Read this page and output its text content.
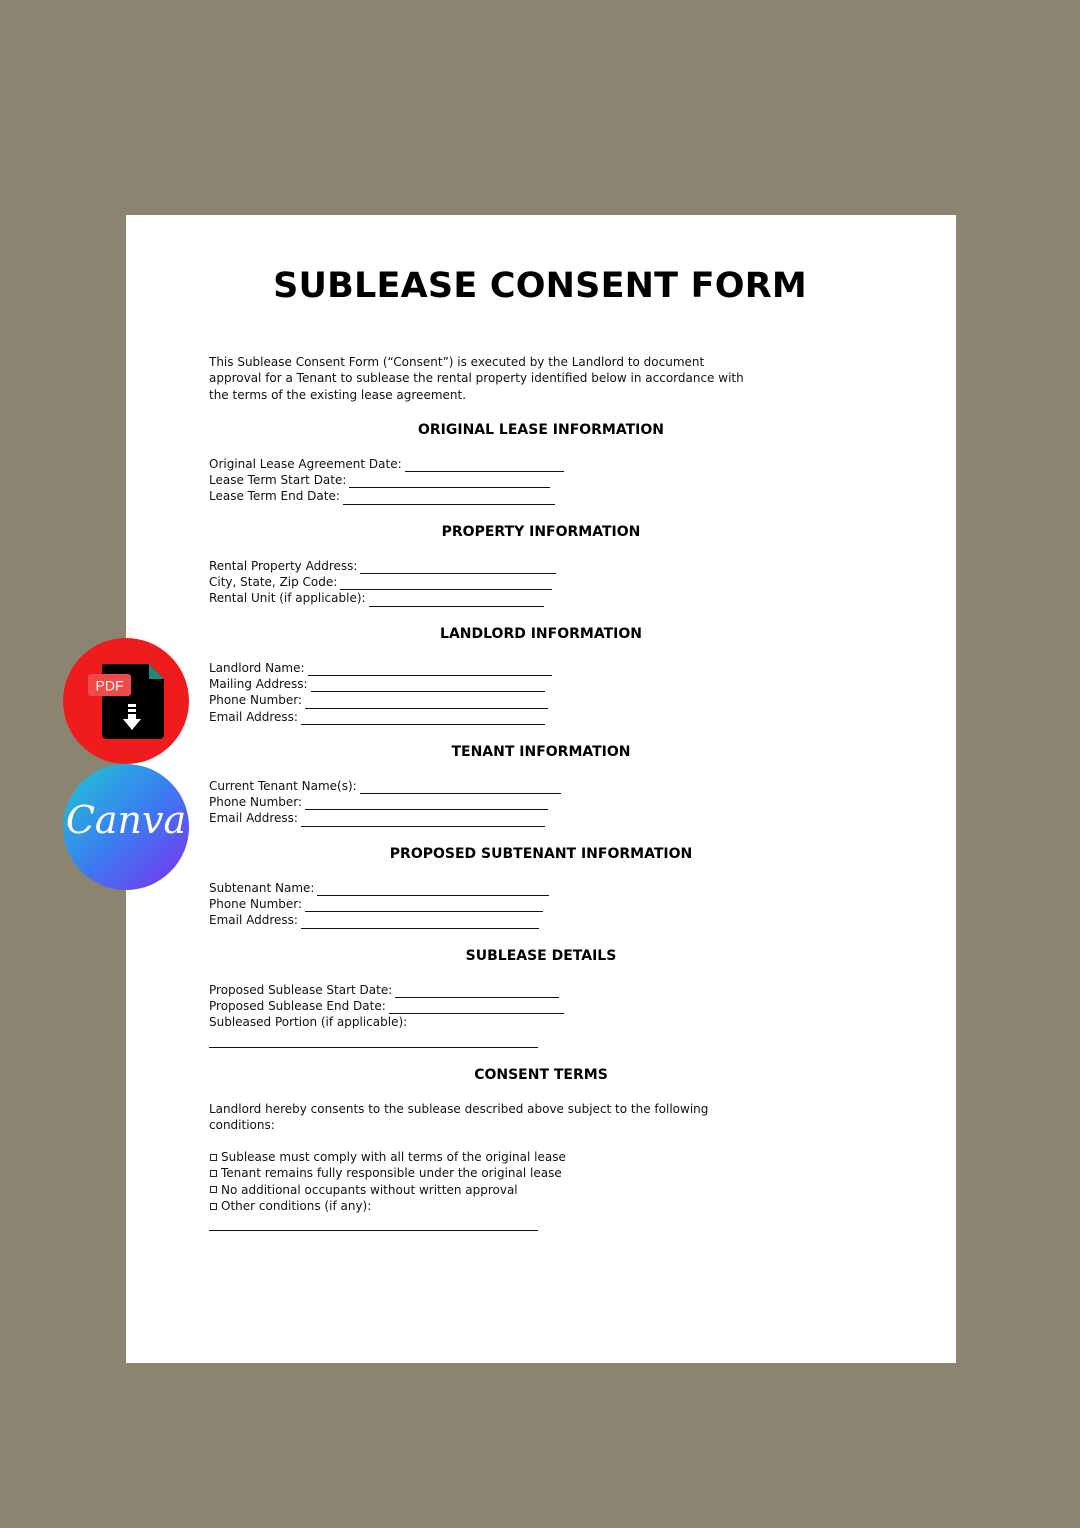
SUBLEASE CONSENT FORM

This Sublease Consent Form (“Consent”) is executed by the Landlord to document approval for a Tenant to sublease the rental property identified below in accordance with the terms of the existing lease agreement.

ORIGINAL LEASE INFORMATION
Original Lease Agreement Date:
Lease Term Start Date:
Lease Term End Date:
PROPERTY INFORMATION
Rental Property Address:
City, State, Zip Code:
Rental Unit (if applicable):
LANDLORD INFORMATION
Landlord Name:
Mailing Address:
Phone Number:
Email Address:
TENANT INFORMATION
Current Tenant Name(s):
Phone Number:
Email Address:
PROPOSED SUBTENANT INFORMATION
Subtenant Name:
Phone Number:
Email Address:
SUBLEASE DETAILS
Proposed Sublease Start Date:
Proposed Sublease End Date:
Subleased Portion (if applicable):
CONSENT TERMS

Landlord hereby consents to the sublease described above subject to the following conditions:

Sublease must comply with all terms of the original lease
Tenant remains fully responsible under the original lease
No additional occupants without written approval
Other conditions (if any):
PDF
Canva
